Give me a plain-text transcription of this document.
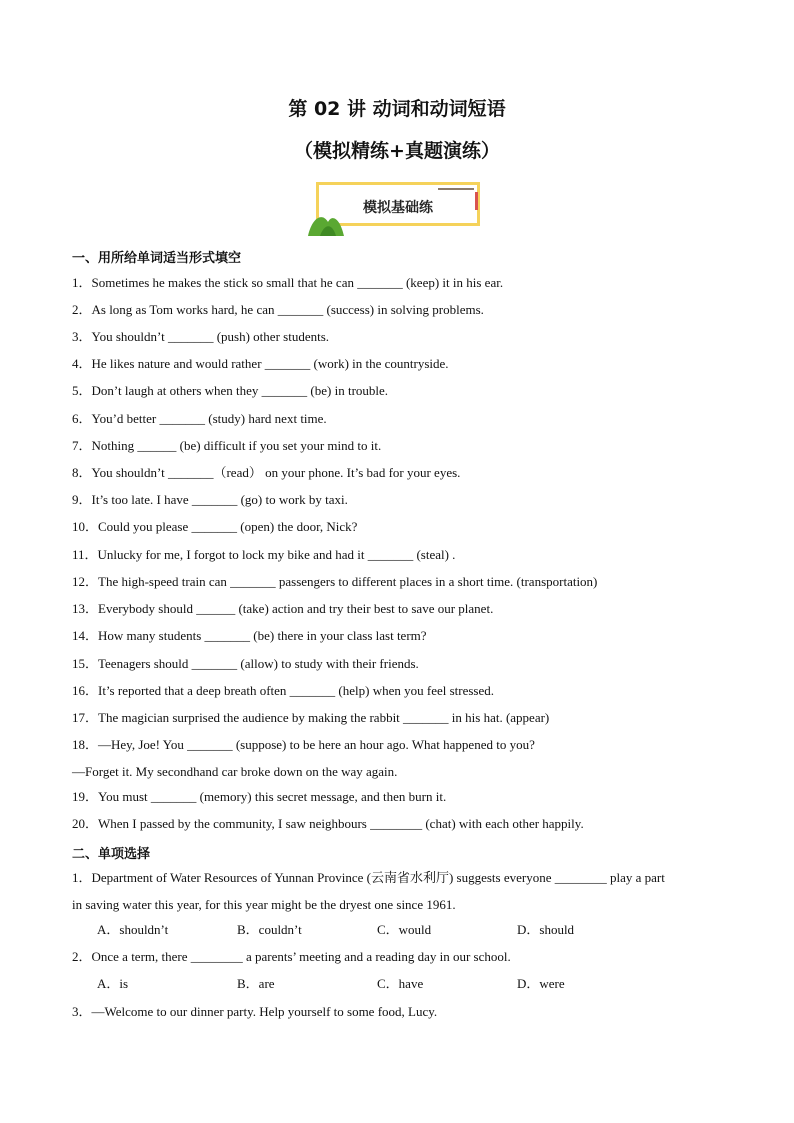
第 02 讲 动词和动词短语
（模拟精练+真题演练）
模拟基础练
一、用所给单词适当形式填空
1．Sometimes he makes the stick so small that he can _______ (keep) it in his ear.
2．As long as Tom works hard, he can _______ (success) in solving problems.
3．You shouldn’t _______ (push) other students.
4．He likes nature and would rather _______ (work) in the countryside.
5．Don’t laugh at others when they _______ (be) in trouble.
6．You’d better _______ (study) hard next time.
7．Nothing ______ (be) difficult if you set your mind to it.
8．You shouldn’t _______（read） on your phone. It’s bad for your eyes.
9．It’s too late. I have _______ (go) to work by taxi.
10．Could you please _______ (open) the door, Nick?
11．Unlucky for me, I forgot to lock my bike and had it _______ (steal) .
12．The high-speed train can _______ passengers to different places in a short time. (transportation)
13．Everybody should ______ (take) action and try their best to save our planet.
14．How many students _______ (be) there in your class last term?
15．Teenagers should _______ (allow) to study with their friends.
16．It’s reported that a deep breath often _______ (help) when you feel stressed.
17．The magician surprised the audience by making the rabbit _______ in his hat. (appear)
18．—Hey, Joe! You _______ (suppose) to be here an hour ago. What happened to you?
—Forget it. My secondhand car broke down on the way again.
19．You must _______ (memory) this secret message, and then burn it.
20．When I passed by the community, I saw neighbours ________ (chat) with each other happily.
二、单项选择
1．Department of Water Resources of Yunnan Province (云南省水利厅) suggests everyone ________ play a part
in saving water this year, for this year might be the dryest one since 1961.
A．shouldn’t	B．couldn’t	C．would	D．should
2．Once a term, there ________ a parents’ meeting and a reading day in our school.
A．is	B．are	C．have	D．were
3．—Welcome to our dinner party. Help yourself to some food, Lucy.
